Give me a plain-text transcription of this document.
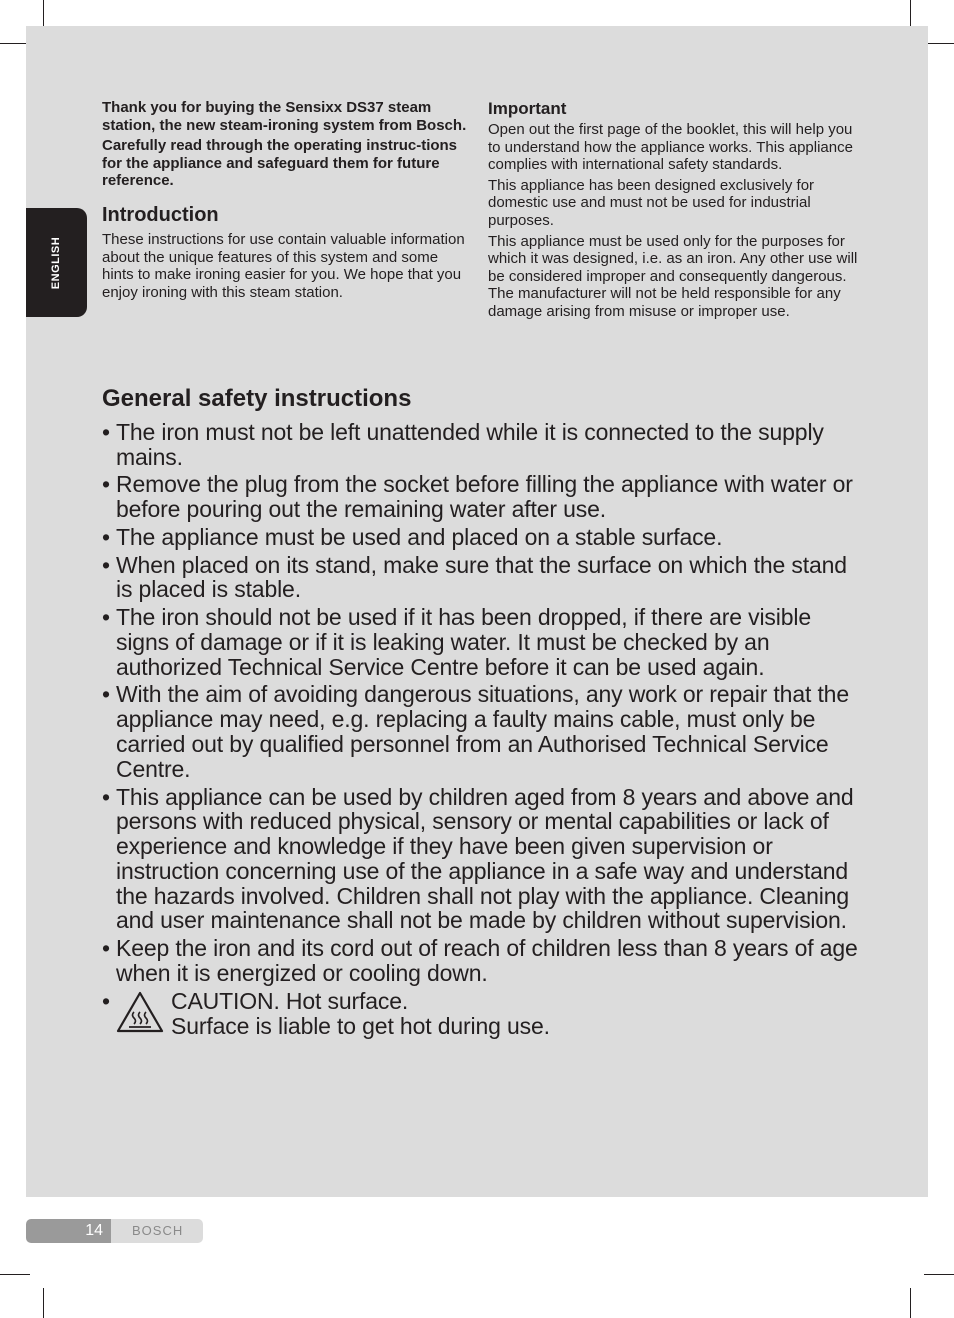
ENGLISH

Thank you for buying the Sensixx DS37 steam station, the new steam-ironing system from Bosch.

Carefully read through the operating instruc-tions for the appliance and safeguard them for future reference.

Introduction

These instructions for use contain valuable information about the unique features of this system and some hints to make ironing easier for you. We hope that you enjoy ironing with this steam station.

Important

Open out the first page of the booklet, this will help you to understand how the appliance works. This appliance complies with international safety standards.

This appliance has been designed exclusively for domestic use and must not be used for industrial purposes.

This appliance must be used only for the purposes for which it was designed, i.e. as an iron. Any other use will be considered improper and consequently dangerous. The manufacturer will not be held responsible for any damage arising from misuse or improper use.

General safety instructions
• The iron must not be left unattended while it is connected to the supply mains.
• Remove the plug from the socket before filling the appliance with water or before pouring out the remaining water after use.
• The appliance must be used and placed on a stable surface.
• When placed on its stand, make sure that the surface on which the stand is placed is stable.
• The iron should not be used if it has been dropped, if there are visible signs of damage or if it is leaking water. It must be checked by an authorized Technical Service Centre before it can be used again.
• With the aim of avoiding dangerous situations, any work or repair that the appliance may need, e.g. replacing a faulty mains cable, must only be carried out by qualified personnel from an Authorised Technical Service Centre.
• This appliance can be used by children aged from 8 years and above and persons with reduced physical, sensory or mental capabilities or lack of experience and knowledge if they have been given supervision or instruction concerning use of the appliance in a safe way and understand the hazards involved. Children shall not play with the appliance. Cleaning and user maintenance shall not be made by children without supervision.
• Keep the iron and its cord out of reach of children less than 8 years of age when it is energized or cooling down.
•	CAUTION. Hot surface.
Surface is liable to get hot during use.
14 BOSCH
